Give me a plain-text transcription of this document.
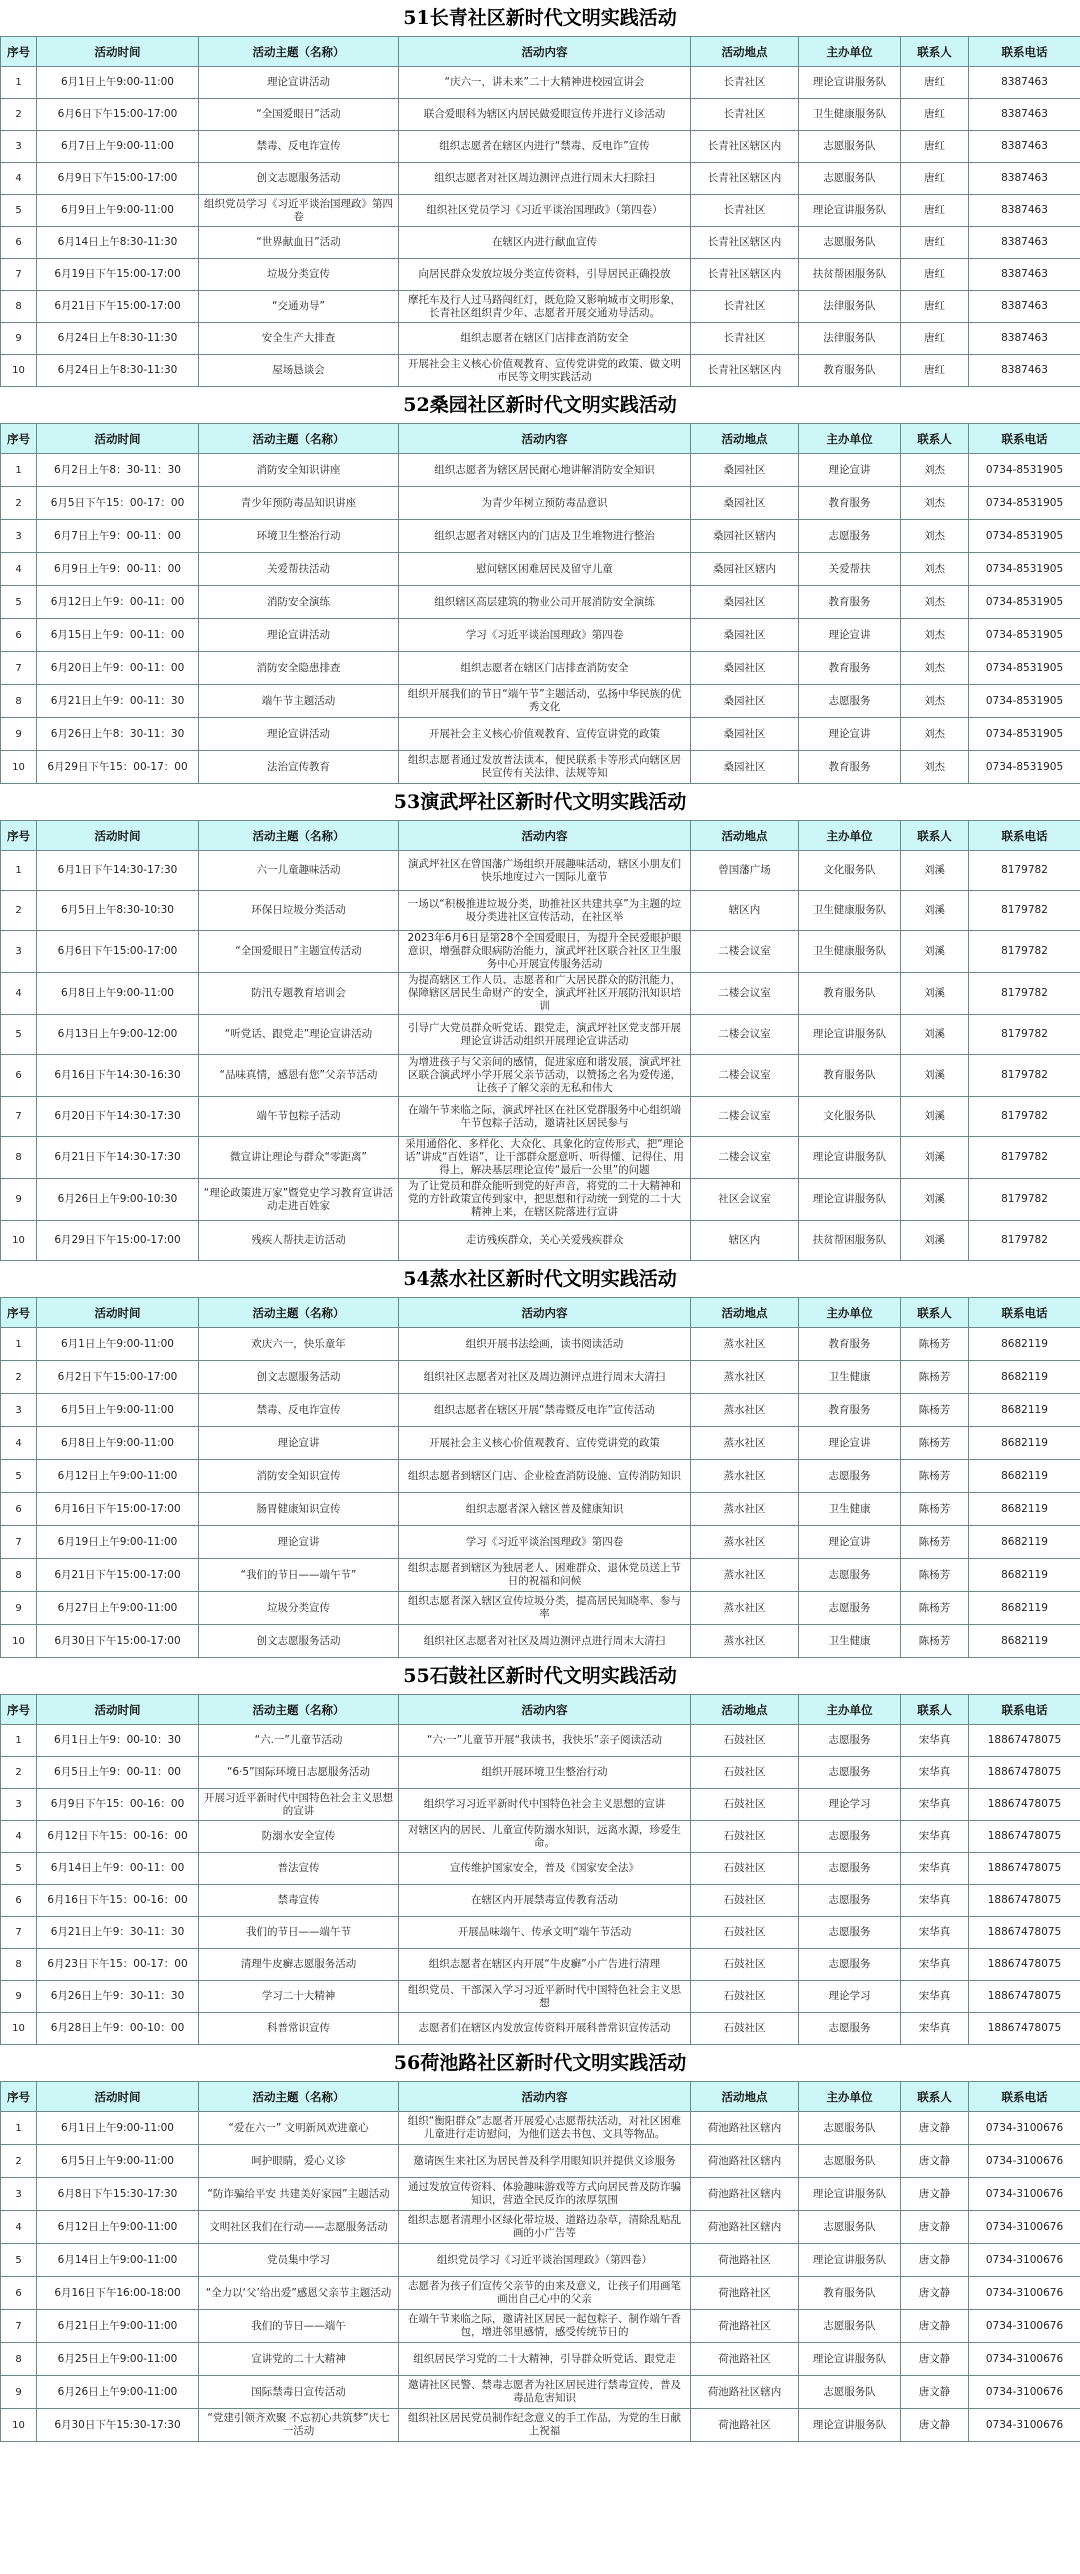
51长青社区新时代文明实践活动
序号	活动时间	活动主题（名称）	活动内容	活动地点	主办单位	联系人	联系电话
1	6月1日上午9:00-11:00	理论宣讲活动	“庆六一，讲未来”二十大精神进校园宣讲会	长青社区	理论宣讲服务队	唐红	8387463
2	6月6日下午15:00-17:00	“全国爱眼日”活动	联合爱眼科为辖区内居民做爱眼宣传并进行义诊活动	长青社区	卫生健康服务队	唐红	8387463
3	6月7日上午9:00-11:00	禁毒、反电诈宣传	组织志愿者在辖区内进行“禁毒、反电诈”宣传	长青社区辖区内	志愿服务队	唐红	8387463
4	6月9日下午15:00-17:00	创文志愿服务活动	组织志愿者对社区周边测评点进行周末大扫除扫	长青社区辖区内	志愿服务队	唐红	8387463
5	6月9日上午9:00-11:00	组织党员学习《习近平谈治国理政》第四卷	组织社区党员学习《习近平谈治国理政》（第四卷）	长青社区	理论宣讲服务队	唐红	8387463
6	6月14日上午8:30-11:30	“世界献血日”活动	在辖区内进行献血宣传	长青社区辖区内	志愿服务队	唐红	8387463
7	6月19日下午15:00-17:00	垃圾分类宣传	向居民群众发放垃圾分类宣传资料，引导居民正确投放	长青社区辖区内	扶贫帮困服务队	唐红	8387463
8	6月21日下午15:00-17:00	“交通劝导”	摩托车及行人过马路闯红灯，既危险又影响城市文明形象，长青社区组织青少年、志愿者开展交通劝导活动。	长青社区	法律服务队	唐红	8387463
9	6月24日上午8:30-11:30	安全生产大排查	组织志愿者在辖区门店排查消防安全	长青社区	法律服务队	唐红	8387463
10	6月24日上午8:30-11:30	屋场恳谈会	开展社会主义核心价值观教育、宣传党讲党的政策、做文明市民等文明实践活动	长青社区辖区内	教育服务队	唐红	8387463
52桑园社区新时代文明实践活动
序号	活动时间	活动主题（名称）	活动内容	活动地点	主办单位	联系人	联系电话
1	6月2日上午8：30-11：30	消防安全知识讲座	组织志愿者为辖区居民耐心地讲解消防安全知识	桑园社区	理论宣讲	刘杰	0734-8531905
2	6月5日下午15：00-17：00	青少年预防毒品知识讲座	为青少年树立预防毒品意识	桑园社区	教育服务	刘杰	0734-8531905
3	6月7日上午9：00-11：00	环境卫生整治行动	组织志愿者对辖区内的门店及卫生堆物进行整治	桑园社区辖内	志愿服务	刘杰	0734-8531905
4	6月9日上午9：00-11：00	关爱帮扶活动	慰问辖区困难居民及留守儿童	桑园社区辖内	关爱帮扶	刘杰	0734-8531905
5	6月12日上午9：00-11：00	消防安全演练	组织辖区高层建筑的物业公司开展消防安全演练	桑园社区	教育服务	刘杰	0734-8531905
6	6月15日上午9：00-11：00	理论宣讲活动	学习《习近平谈治国理政》第四卷	桑园社区	理论宣讲	刘杰	0734-8531905
7	6月20日上午9：00-11：00	消防安全隐患排查	组织志愿者在辖区门店排查消防安全	桑园社区	教育服务	刘杰	0734-8531905
8	6月21日上午9：00-11：30	端午节主题活动	组织开展我们的节日“端午节”主题活动，弘扬中华民族的优秀文化	桑园社区	志愿服务	刘杰	0734-8531905
9	6月26日上午8：30-11：30	理论宣讲活动	开展社会主义核心价值观教育、宣传宣讲党的政策	桑园社区	理论宣讲	刘杰	0734-8531905
10	6月29日下午15：00-17：00	法治宣传教育	组织志愿者通过发放普法读本，便民联系卡等形式向辖区居民宣传有关法律、法规等知	桑园社区	教育服务	刘杰	0734-8531905
53演武坪社区新时代文明实践活动
序号	活动时间	活动主题（名称）	活动内容	活动地点	主办单位	联系人	联系电话
1	6月1日下午14:30-17:30	六一儿童趣味活动	演武坪社区在曾国藩广场组织开展趣味活动，辖区小朋友们快乐地度过六一国际儿童节	曾国藩广场	文化服务队	刘溪	8179782
2	6月5日上午8:30-10:30	环保日垃圾分类活动	一场以“积极推进垃圾分类，助推社区共建共享”为主题的垃圾分类进社区宣传活动，在社区举	辖区内	卫生健康服务队	刘溪	8179782
3	6月6日下午15:00-17:00	“全国爱眼日”主题宣传活动	2023年6月6日是第28个全国爱眼日，为提升全民爱眼护眼意识，增强群众眼病防治能力，演武坪社区联合社区卫生服务中心开展宣传服务活动	二楼会议室	卫生健康服务队	刘溪	8179782
4	6月8日上午9:00-11:00	防汛专题教育培训会	为提高辖区工作人员、志愿者和广大居民群众的防汛能力，保障辖区居民生命财产的安全，演武坪社区开展防汛知识培训	二楼会议室	教育服务队	刘溪	8179782
5	6月13日上午9:00-12:00	“听党话、跟党走”理论宣讲活动	引导广大党员群众听党话、跟党走，演武坪社区党支部开展理论宣讲活动组织开展理论宣讲活动	二楼会议室	理论宣讲服务队	刘溪	8179782
6	6月16日下午14:30-16:30	“品味真情，感恩有您”父亲节活动	为增进孩子与父亲间的感情，促进家庭和谐发展，演武坪社区联合演武坪小学开展父亲节活动，以赞扬之名为爱传递，让孩子了解父亲的无私和伟大	二楼会议室	教育服务队	刘溪	8179782
7	6月20日下午14:30-17:30	端午节包粽子活动	在端午节来临之际，演武坪社区在社区党群服务中心组织端午节包粽子活动，邀请社区居民参与	二楼会议室	文化服务队	刘溪	8179782
8	6月21日下午14:30-17:30	微宣讲让理论与群众“零距离”	采用通俗化、多样化、大众化、具象化的宣传形式，把“理论话”讲成“百姓语”，让干部群众愿意听、听得懂、记得住、用得上，解决基层理论宣传“最后一公里”的问题	二楼会议室	理论宣讲服务队	刘溪	8179782
9	6月26日上午9:00-10:30	“理论政策进万家”暨党史学习教育宣讲活动走进百姓家	为了让党员和群众能听到党的好声音，将党的二十大精神和党的方针政策宣传到家中，把思想和行动统一到党的二十大精神上来，在辖区院落进行宣讲	社区会议室	理论宣讲服务队	刘溪	8179782
10	6月29日下午15:00-17:00	残疾人帮扶走访活动	走访残疾群众，关心关爱残疾群众	辖区内	扶贫帮困服务队	刘溪	8179782
54蒸水社区新时代文明实践活动
序号	活动时间	活动主题（名称）	活动内容	活动地点	主办单位	联系人	联系电话
1	6月1日上午9:00-11:00	欢庆六一，快乐童年	组织开展书法绘画，读书阅读活动	蒸水社区	教育服务	陈杨芳	8682119
2	6月2日下午15:00-17:00	创文志愿服务活动	组织社区志愿者对社区及周边测评点进行周末大清扫	蒸水社区	卫生健康	陈杨芳	8682119
3	6月5日上午9:00-11:00	禁毒、反电诈宣传	组织志愿者在辖区开展“禁毒暨反电诈”宣传活动	蒸水社区	教育服务	陈杨芳	8682119
4	6月8日上午9:00-11:00	理论宣讲	开展社会主义核心价值观教育、宣传党讲党的政策	蒸水社区	理论宣讲	陈杨芳	8682119
5	6月12日上午9:00-11:00	消防安全知识宣传	组织志愿者到辖区门店、企业检查消防设施、宣传消防知识	蒸水社区	志愿服务	陈杨芳	8682119
6	6月16日下午15:00-17:00	肠胃健康知识宣传	组织志愿者深入辖区普及健康知识	蒸水社区	卫生健康	陈杨芳	8682119
7	6月19日上午9:00-11:00	理论宣讲	学习《习近平谈治国理政》第四卷	蒸水社区	理论宣讲	陈杨芳	8682119
8	6月21日下午15:00-17:00	“我们的节日——端午节”	组织志愿者到辖区为独居老人、困难群众、退休党员送上节日的祝福和问候	蒸水社区	志愿服务	陈杨芳	8682119
9	6月27日上午9:00-11:00	垃圾分类宣传	组织志愿者深入辖区宣传垃圾分类，提高居民知晓率、参与率	蒸水社区	志愿服务	陈杨芳	8682119
10	6月30日下午15:00-17:00	创文志愿服务活动	组织社区志愿者对社区及周边测评点进行周末大清扫	蒸水社区	卫生健康	陈杨芳	8682119
55石鼓社区新时代文明实践活动
序号	活动时间	活动主题（名称）	活动内容	活动地点	主办单位	联系人	联系电话
1	6月1日上午9：00-10：30	“六.一”儿童节活动	“六·一”儿童节开展“我读书，我快乐”亲子阅读活动	石鼓社区	志愿服务	宋华真	18867478075
2	6月5日上午9：00-11：00	“6·5”国际环境日志愿服务活动	组织开展环境卫生整治行动	石鼓社区	志愿服务	宋华真	18867478075
3	6月9日下午15：00-16：00	开展习近平新时代中国特色社会主义思想的宣讲	组织学习习近平新时代中国特色社会主义思想的宣讲	石鼓社区	理论学习	宋华真	18867478075
4	6月12日下午15：00-16：00	防溺水安全宣传	对辖区内的居民、儿童宣传防溺水知识，远离水源，珍爱生命。	石鼓社区	志愿服务	宋华真	18867478075
5	6月14日上午9：00-11：00	普法宣传	宣传维护国家安全，普及《国家安全法》	石鼓社区	志愿服务	宋华真	18867478075
6	6月16日下午15：00-16：00	禁毒宣传	在辖区内开展禁毒宣传教育活动	石鼓社区	志愿服务	宋华真	18867478075
7	6月21日上午9：30-11：30	我们的节日——端午节	开展品味端午、传承文明“端午节活动	石鼓社区	志愿服务	宋华真	18867478075
8	6月23日下午15：00-17：00	清理牛皮癣志愿服务活动	组织志愿者在辖区内开展“牛皮癣”小广告进行清理	石鼓社区	志愿服务	宋华真	18867478075
9	6月26日上午9：30-11：30	学习二十大精神	组织党员、干部深入学习习近平新时代中国特色社会主义思想	石鼓社区	理论学习	宋华真	18867478075
10	6月28日上午9：00-10：00	科普常识宣传	志愿者们在辖区内发放宣传资料开展科普常识宣传活动	石鼓社区	志愿服务	宋华真	18867478075
56荷池路社区新时代文明实践活动
序号	活动时间	活动主题（名称）	活动内容	活动地点	主办单位	联系人	联系电话
1	6月1日上午9:00-11:00	“爱在六一” 文明新风欢进童心	组织“衡阳群众”志愿者开展爱心志愿帮扶活动，对社区困难儿童进行走访慰问，为他们送去书包、文具等物品。	荷池路社区辖内	志愿服务队	唐文静	0734-3100676
2	6月5日上午9:00-11:00	呵护眼睛，爱心义诊	邀请医生来社区为居民普及科学用眼知识并提供义诊服务	荷池路社区辖内	志愿服务队	唐文静	0734-3100676
3	6月8日下午15:30-17:30	“防诈骗给平安 共建美好家园”主题活动	通过发放宣传资料、体验趣味游戏等方式向居民普及防诈骗知识，营造全民反诈的浓厚氛围	荷池路社区辖内	理论宣讲服务队	唐文静	0734-3100676
4	6月12日上午9:00-11:00	文明社区我们在行动——志愿服务活动	组织志愿者清理小区绿化带垃圾、道路边杂草，清除乱贴乱画的小广告等	荷池路社区辖内	志愿服务队	唐文静	0734-3100676
5	6月14日上午9:00-11:00	党员集中学习	组织党员学习《习近平谈治国理政》（第四卷）	荷池路社区	理论宣讲服务队	唐文静	0734-3100676
6	6月16日下午16:00-18:00	“全力以‘父’给出爱”感恩父亲节主题活动	志愿者为孩子们宣传父亲节的由来及意义，让孩子们用画笔画出自己心中的父亲	荷池路社区	教育服务队	唐文静	0734-3100676
7	6月21日上午9:00-11:00	我们的节日——端午	在端午节来临之际，邀请社区居民一起包粽子、制作端午香包，增进邻里感情，感受传统节日的	荷池路社区	志愿服务队	唐文静	0734-3100676
8	6月25日上午9:00-11:00	宣讲党的二十大精神	组织居民学习党的二十大精神，引导群众听党话、跟党走	荷池路社区	理论宣讲服务队	唐文静	0734-3100676
9	6月26日上午9:00-11:00	国际禁毒日宣传活动	邀请社区民警、禁毒志愿者为社区居民进行禁毒宣传，普及毒品危害知识	荷池路社区辖内	志愿服务队	唐文静	0734-3100676
10	6月30日下午15:30-17:30	“党建引领齐欢聚 不忘初心共筑梦”庆七一活动	组织社区居民党员制作纪念意义的手工作品，为党的生日献上祝福	荷池路社区	理论宣讲服务队	唐文静	0734-3100676
